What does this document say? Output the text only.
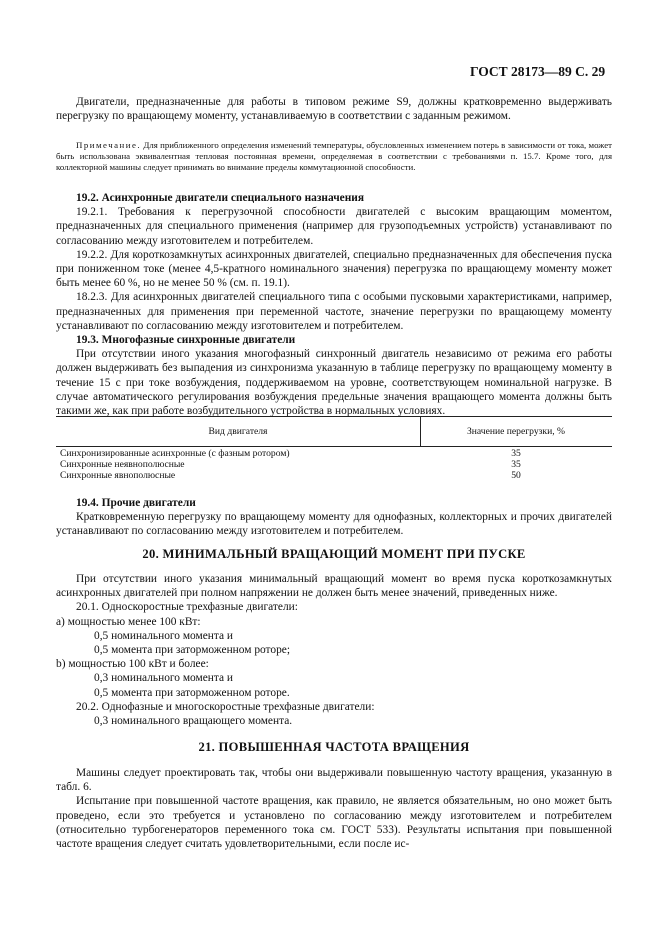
ГОСТ 28173—89 С. 29

Двигатели, предназначенные для работы в типовом режиме S9, должны кратковременно выдерживать перегрузку по вращающему моменту, устанавливаемую в соответствии с заданным режимом.

Примечание. Для приближенного определения изменений температуры, обусловленных изменением потерь в зависимости от тока, может быть использована эквивалентная тепловая постоянная времени, определяемая в соответствии с требованиями п. 15.7. Кроме того, для коллекторной машины следует принимать во внимание пределы коммутационной способности.

19.2. Асинхронные двигатели специального назначения

19.2.1. Требования к перегрузочной способности двигателей с высоким вращающим моментом, предназначенных для специального применения (например для грузоподъемных устройств) устанавливают по согласованию между изготовителем и потребителем.

19.2.2. Для короткозамкнутых асинхронных двигателей, специально предназначенных для обеспечения пуска при пониженном токе (менее 4,5-кратного номинального значения) перегрузка по вращающему моменту может быть менее 60 %, но не менее 50 % (см. п. 19.1).

18.2.3. Для асинхронных двигателей специального типа с особыми пусковыми характеристиками, например, предназначенных для применения при переменной частоте, значение перегрузки по вращающему моменту устанавливают по согласованию между изготовителем и потребителем.

19.3. Многофазные синхронные двигатели

При отсутствии иного указания многофазный синхронный двигатель независимо от режима его работы должен выдерживать без выпадения из синхронизма указанную в таблице перегрузку по вращающему моменту в течение 15 с при токе возбуждения, поддерживаемом на уровне, соответствующем номинальной нагрузке. В случае автоматического регулирования возбуждения предельные значения вращающего момента должны быть такими же, как при работе возбудительного устройства в нормальных условиях.

Вид двигателя	Значение перегрузки, %
Синхронизированные асинхронные (с фазным ротором)	35
Синхронные неявнополюсные	35
Синхронные явнополюсные	50

19.4. Прочие двигатели

Кратковременную перегрузку по вращающему моменту для однофазных, коллекторных и прочих двигателей устанавливают по согласованию между изготовителем и потребителем.

20. МИНИМАЛЬНЫЙ ВРАЩАЮЩИЙ МОМЕНТ ПРИ ПУСКЕ

При отсутствии иного указания минимальный вращающий момент во время пуска короткозамкнутых асинхронных двигателей при полном напряжении не должен быть менее значений, приведенных ниже.

20.1. Односкоростные трехфазные двигатели:

a) мощностью менее 100 кВт:

0,5 номинального момента и

0,5 момента при заторможенном роторе;

b) мощностью 100 кВт и более:

0,3 номинального момента и

0,5 момента при заторможенном роторе.

20.2. Однофазные и многоскоростные трехфазные двигатели:

0,3 номинального вращающего момента.

21. ПОВЫШЕННАЯ ЧАСТОТА ВРАЩЕНИЯ

Машины следует проектировать так, чтобы они выдерживали повышенную частоту вращения, указанную в табл. 6.

Испытание при повышенной частоте вращения, как правило, не является обязательным, но оно может быть проведено, если это требуется и установлено по согласованию между изготовителем и потребителем (относительно турбогенераторов переменного тока см. ГОСТ 533). Результаты испытания при повышенной частоте вращения следует считать удовлетворительными, если после ис-
